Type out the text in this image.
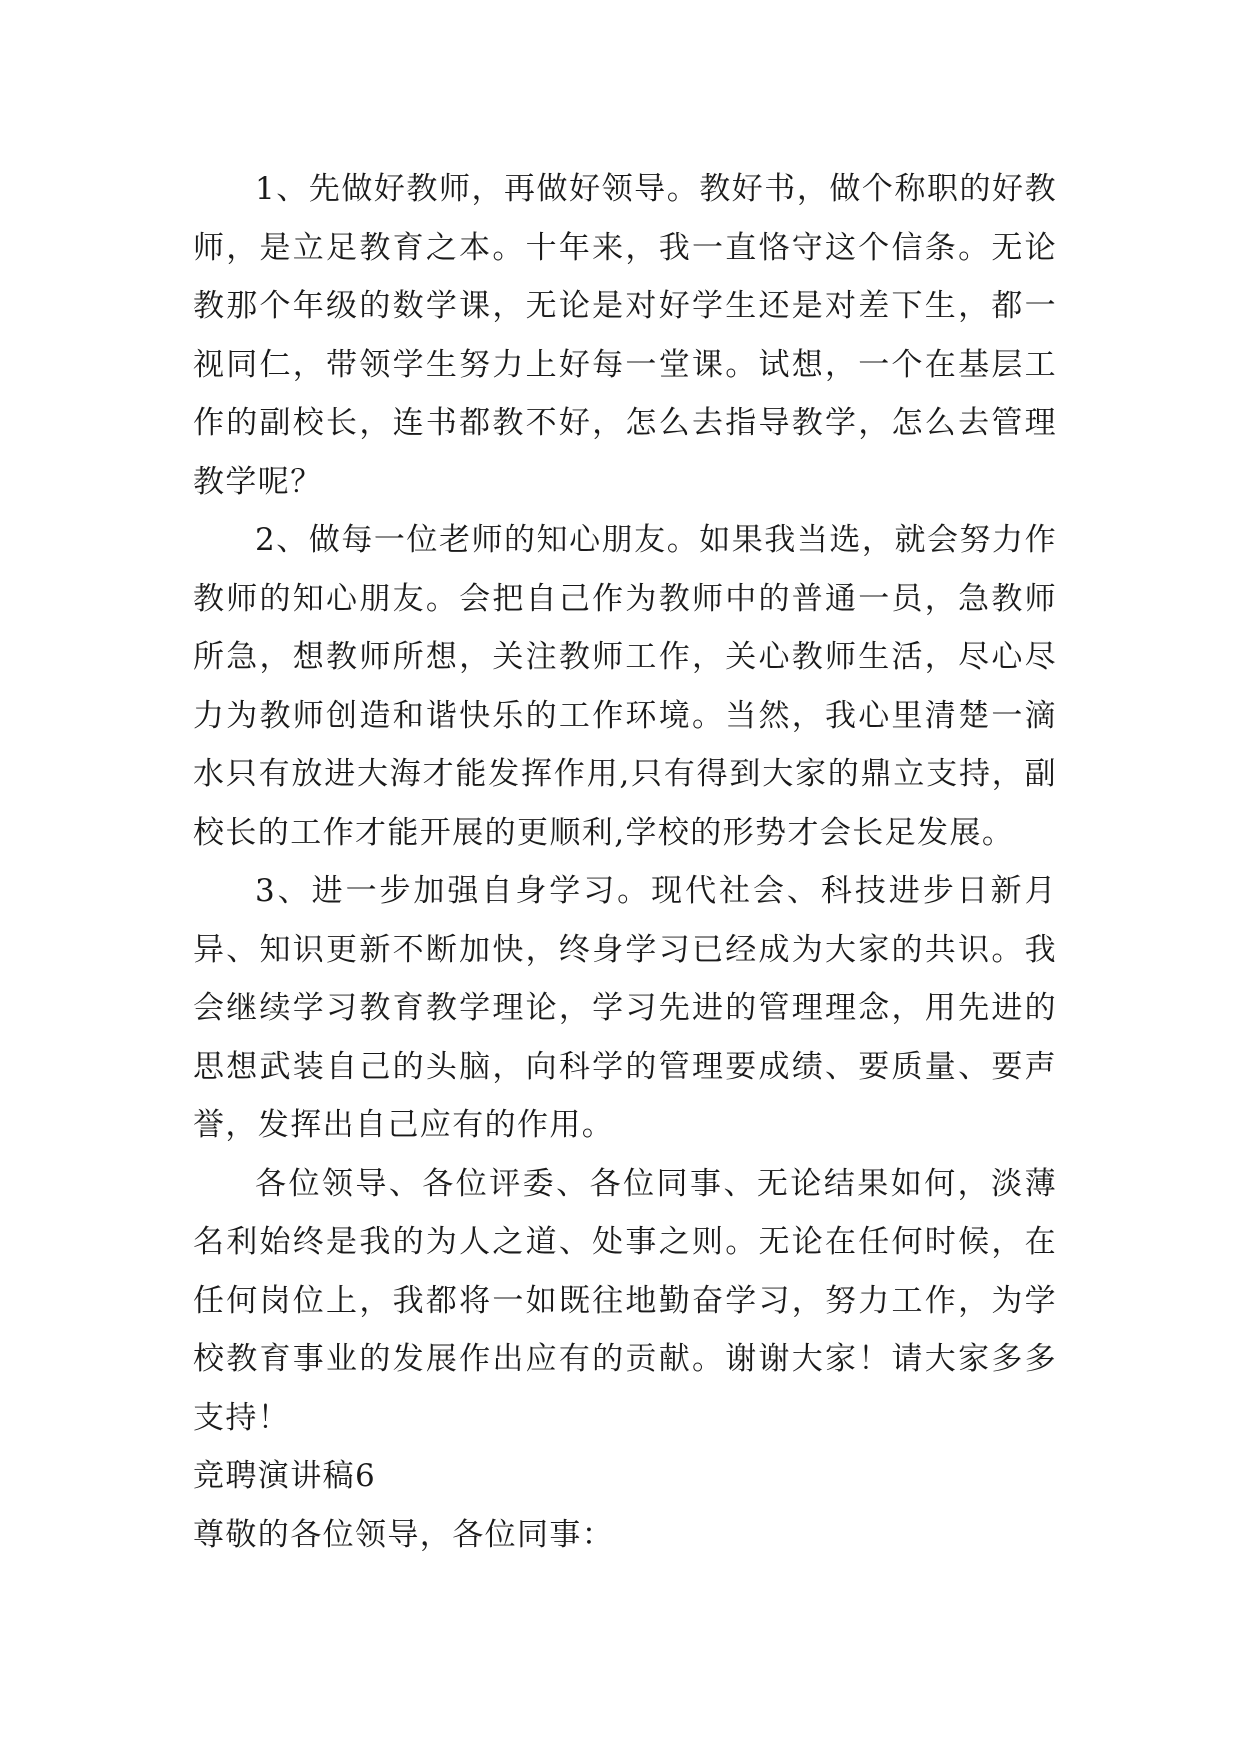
1、先做好教师，再做好领导。教好书，做个称职的好教师，是立足教育之本。十年来，我一直恪守这个信条。无论教那个年级的数学课，无论是对好学生还是对差下生，都一视同仁，带领学生努力上好每一堂课。试想，一个在基层工作的副校长，连书都教不好，怎么去指导教学，怎么去管理教学呢？

2、做每一位老师的知心朋友。如果我当选，就会努力作教师的知心朋友。会把自己作为教师中的普通一员，急教师所急，想教师所想，关注教师工作，关心教师生活，尽心尽力为教师创造和谐快乐的工作环境。当然，我心里清楚一滴水只有放进大海才能发挥作用,只有得到大家的鼎立支持，副校长的工作才能开展的更顺利,学校的形势才会长足发展。

3、进一步加强自身学习。现代社会、科技进步日新月异、知识更新不断加快，终身学习已经成为大家的共识。我会继续学习教育教学理论，学习先进的管理理念，用先进的思想武装自己的头脑，向科学的管理要成绩、要质量、要声誉，发挥出自己应有的作用。

各位领导、各位评委、各位同事、无论结果如何，淡薄名利始终是我的为人之道、处事之则。无论在任何时候，在任何岗位上，我都将一如既往地勤奋学习，努力工作，为学校教育事业的发展作出应有的贡献。谢谢大家！请大家多多支持！

竞聘演讲稿6

尊敬的各位领导，各位同事：
